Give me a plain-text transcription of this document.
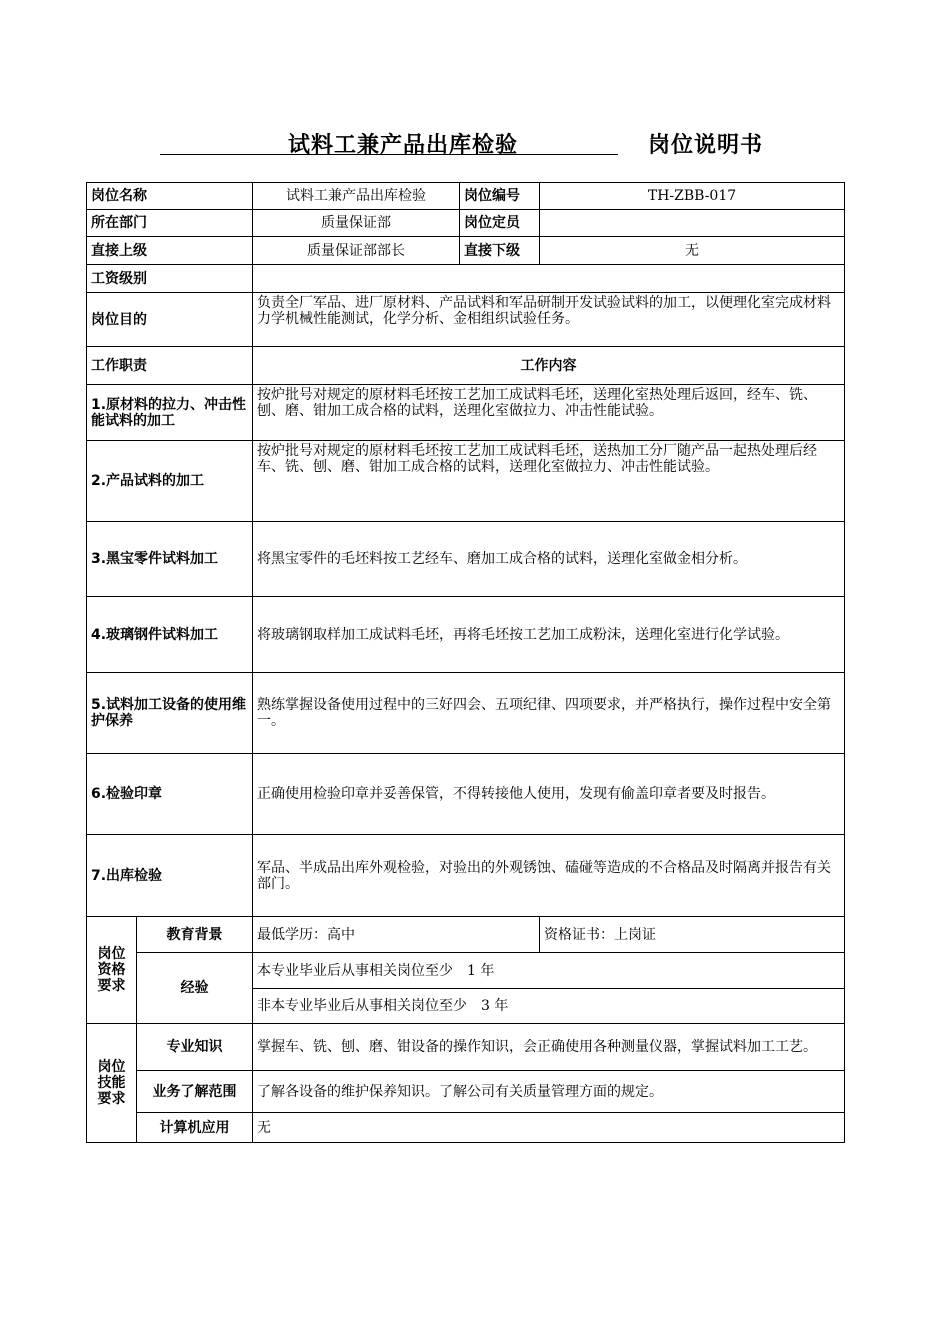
试料工兼产品出库检验	岗位说明书
岗位名称		试料工兼产品出库检验	岗位编号	TH-ZBB-017
所在部门		质量保证部	岗位定员	
直接上级		质量保证部部长	直接下级	无
工资级别				
岗位目的		负责全厂军品、进厂原材料、产品试料和军品研制开发试验试料的加工，以便理化室完成材料力学机械性能测试，化学分析、金相组织试验任务。		
工作职责		工作内容		
1.原材料的拉力、冲击性能试料的加工		按炉批号对规定的原材料毛坯按工艺加工成试料毛坯，送理化室热处理后返回，经车、铣、刨、磨、钳加工成合格的试料，送理化室做拉力、冲击性能试验。		
2.产品试料的加工		按炉批号对规定的原材料毛坯按工艺加工成试料毛坯，送热加工分厂随产品一起热处理后经车、铣、刨、磨、钳加工成合格的试料，送理化室做拉力、冲击性能试验。		
3.黑宝零件试料加工		将黑宝零件的毛坯料按工艺经车、磨加工成合格的试料，送理化室做金相分析。		
4.玻璃钢件试料加工		将玻璃钢取样加工成试料毛坯，再将毛坯按工艺加工成粉沫，送理化室进行化学试验。		
5.试料加工设备的使用维护保养		熟练掌握设备使用过程中的三好四会、五项纪律、四项要求，并严格执行，操作过程中安全第一。		
6.检验印章		正确使用检验印章并妥善保管，不得转接他人使用，发现有偷盖印章者要及时报告。		
7.出库检验		军品、半成品出库外观检验，对验出的外观锈蚀、磕碰等造成的不合格品及时隔离并报告有关部门。		
岗位资格要求	教育背景	最低学历：高中		资格证书：上岗证
	经验	本专业毕业后从事相关岗位至少　1 年		
		非本专业毕业后从事相关岗位至少　3 年		
岗位技能要求	专业知识	掌握车、铣、刨、磨、钳设备的操作知识，会正确使用各种测量仪器，掌握试料加工工艺。		
	业务了解范围	了解各设备的维护保养知识。了解公司有关质量管理方面的规定。		
	计算机应用	无		
